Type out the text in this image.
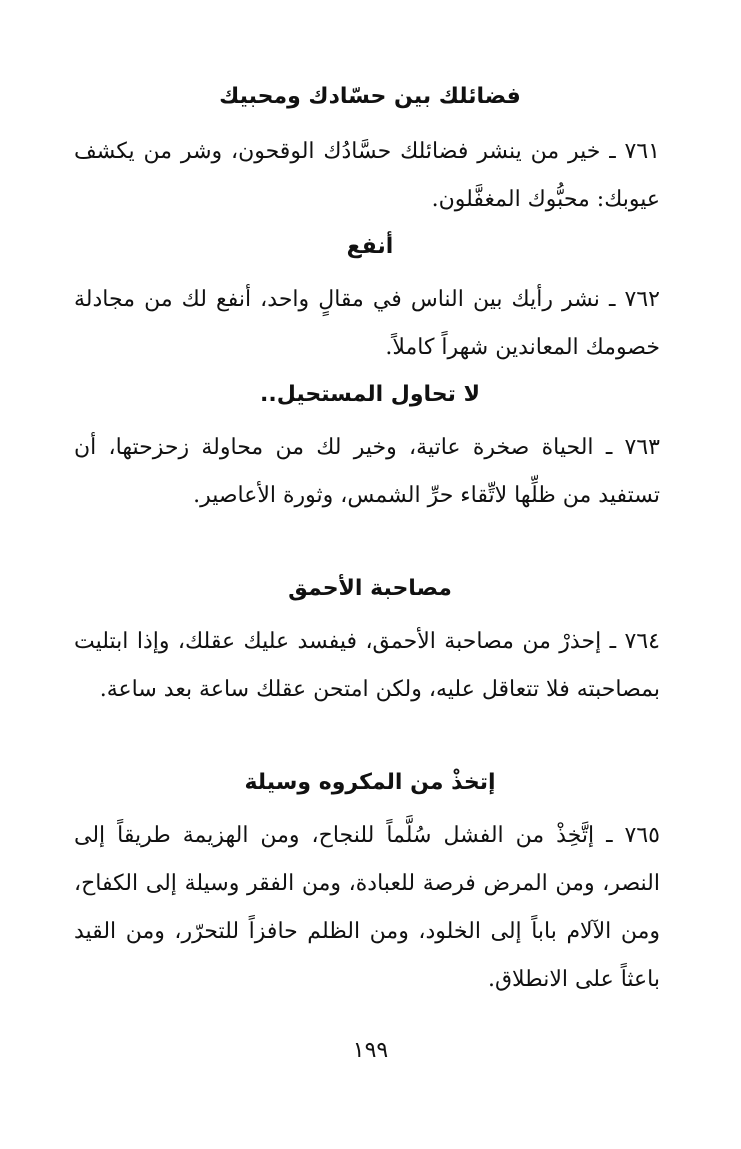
فضائلك بين حسّادك ومحبيك
٧٦١ ـ خير من ينشر فضائلك حسَّادُك الوقحون، وشر من يكشف عيوبك: محبُّوك المغفَّلون.
أنفع
٧٦٢ ـ نشر رأيك بين الناس في مقالٍ واحد، أنفع لك من مجادلة خصومك المعاندين شهراً كاملاً.
لا تحاول المستحيل..
٧٦٣ ـ الحياة صخرة عاتية، وخير لك من محاولة زحزحتها، أن تستفيد من ظلِّها لاتِّقاء حرِّ الشمس، وثورة الأعاصير.
مصاحبة الأحمق
٧٦٤ ـ إحذرْ من مصاحبة الأحمق، فيفسد عليك عقلك، وإذا ابتليت بمصاحبته فلا تتعاقل عليه، ولكن امتحن عقلك ساعة بعد ساعة.
إتخذْ من المكروه وسيلة
٧٦٥ ـ إتَّخِذْ من الفشل سُلَّماً للنجاح، ومن الهزيمة طريقاً إلى النصر، ومن المرض فرصة للعبادة، ومن الفقر وسيلة إلى الكفاح، ومن الآلام باباً إلى الخلود، ومن الظلم حافزاً للتحرّر، ومن القيد باعثاً على الانطلاق.
١٩٩
